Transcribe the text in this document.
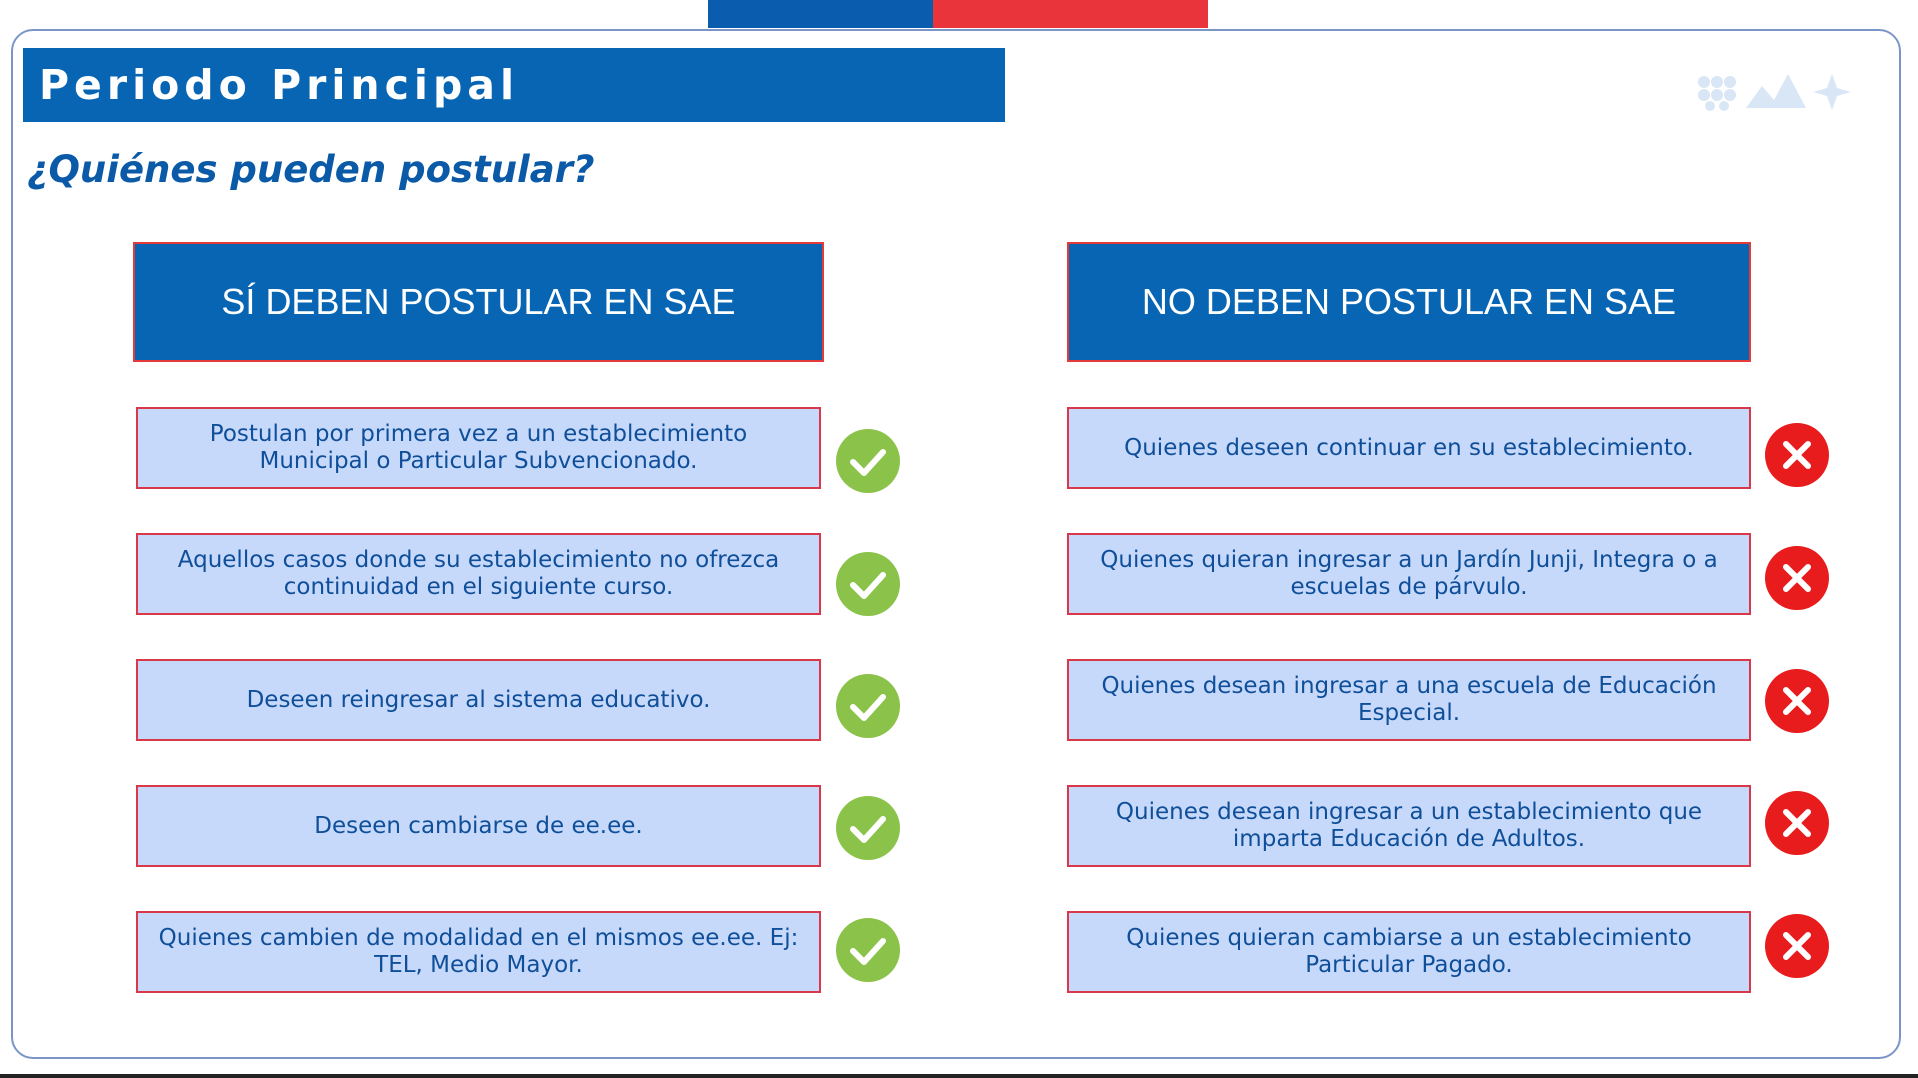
Periodo Principal
¿Quiénes pueden postular?
SÍ DEBEN POSTULAR EN SAE	NO DEBEN POSTULAR EN SAE
Postulan por primera vez a un establecimiento Municipal o Particular Subvencionado.
Aquellos casos donde su establecimiento no ofrezca continuidad en el siguiente curso.
Deseen reingresar al sistema educativo.
Deseen cambiarse de ee.ee.
Quienes cambien de modalidad en el mismos ee.ee. Ej: TEL, Medio Mayor.
Quienes deseen continuar en su establecimiento.
Quienes quieran ingresar a un Jardín Junji, Integra o a escuelas de párvulo.
Quienes desean ingresar a una escuela de Educación Especial.
Quienes desean ingresar a un establecimiento que imparta Educación de Adultos.
Quienes quieran cambiarse a un establecimiento Particular Pagado.
